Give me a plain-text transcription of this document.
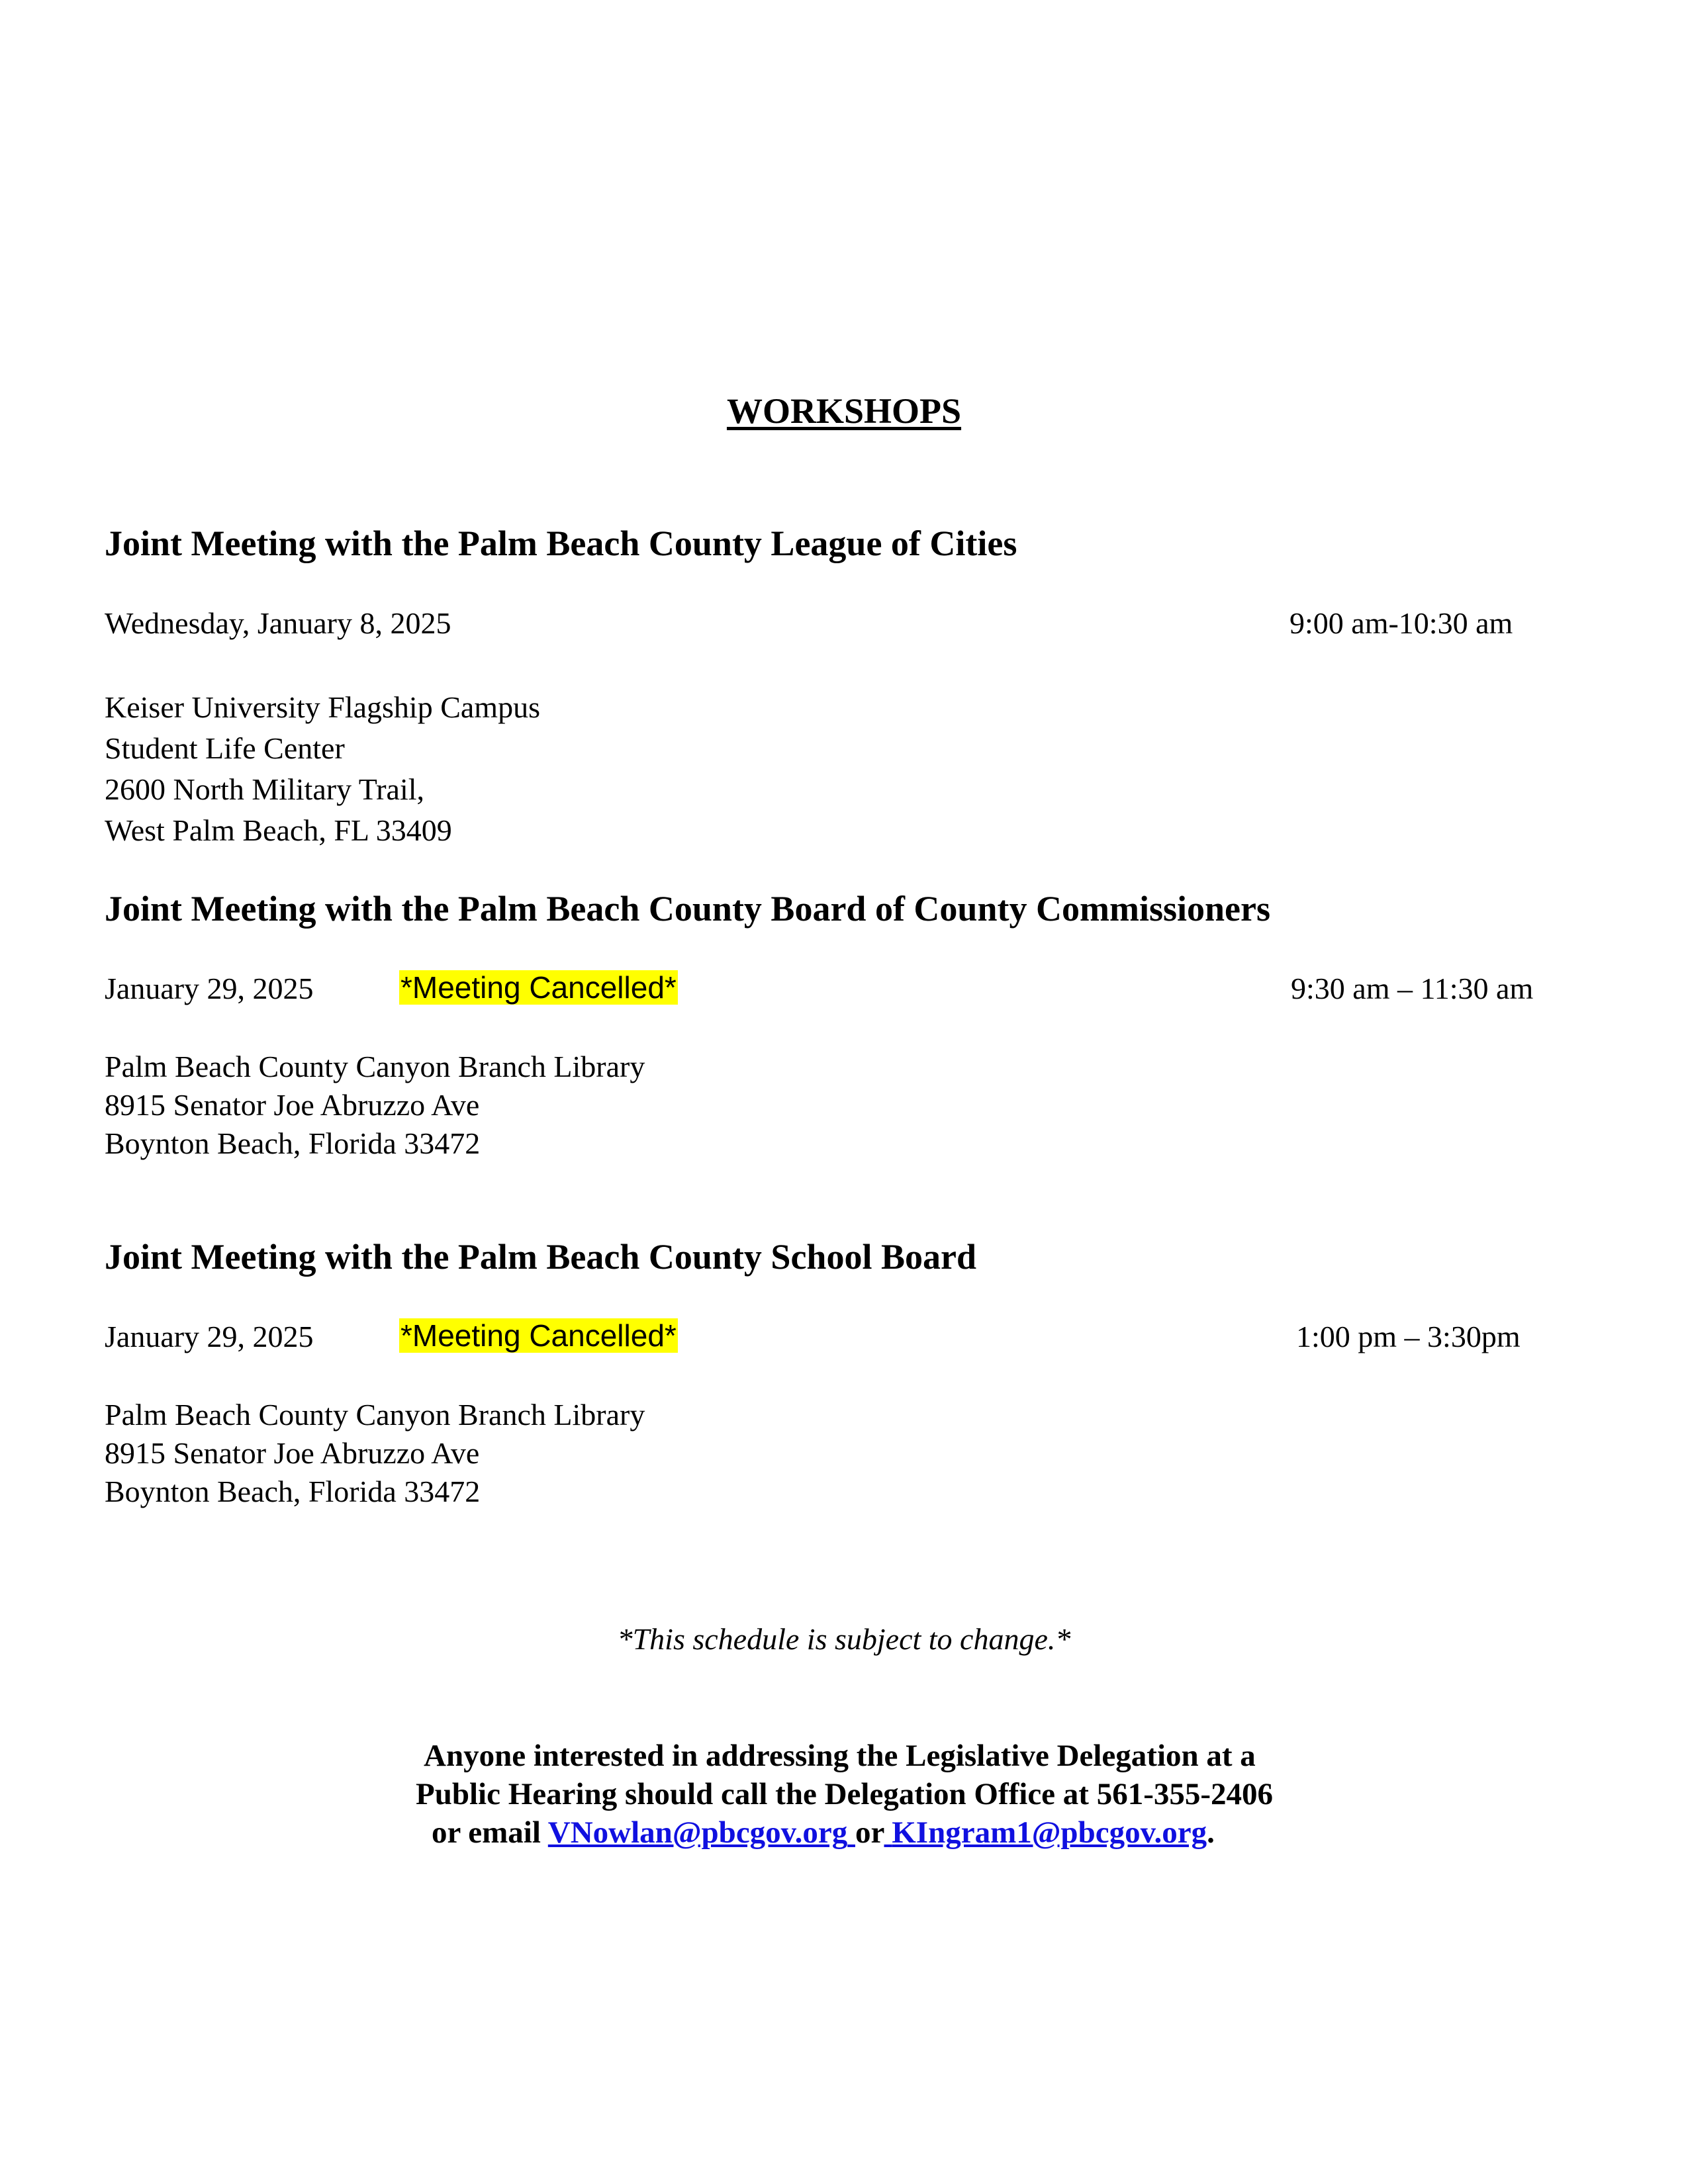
WORKSHOPS
Joint Meeting with the Palm Beach County League of Cities
Wednesday, January 8, 2025	9:00 am-10:30 am
Keiser University Flagship Campus
Student Life Center
2600 North Military Trail,
West Palm Beach, FL 33409
Joint Meeting with the Palm Beach County Board of County Commissioners
January 29, 2025	*Meeting Cancelled*	9:30 am – 11:30 am
Palm Beach County Canyon Branch Library
8915 Senator Joe Abruzzo Ave
Boynton Beach, Florida 33472
Joint Meeting with the Palm Beach County School Board
January 29, 2025	*Meeting Cancelled*	1:00 pm – 3:30pm
Palm Beach County Canyon Branch Library
8915 Senator Joe Abruzzo Ave
Boynton Beach, Florida 33472
*This schedule is subject to change.*
Anyone interested in addressing the Legislative Delegation at a
Public Hearing should call the Delegation Office at 561-355-2406
or email VNowlan@pbcgov.org or KIngram1@pbcgov.org.
